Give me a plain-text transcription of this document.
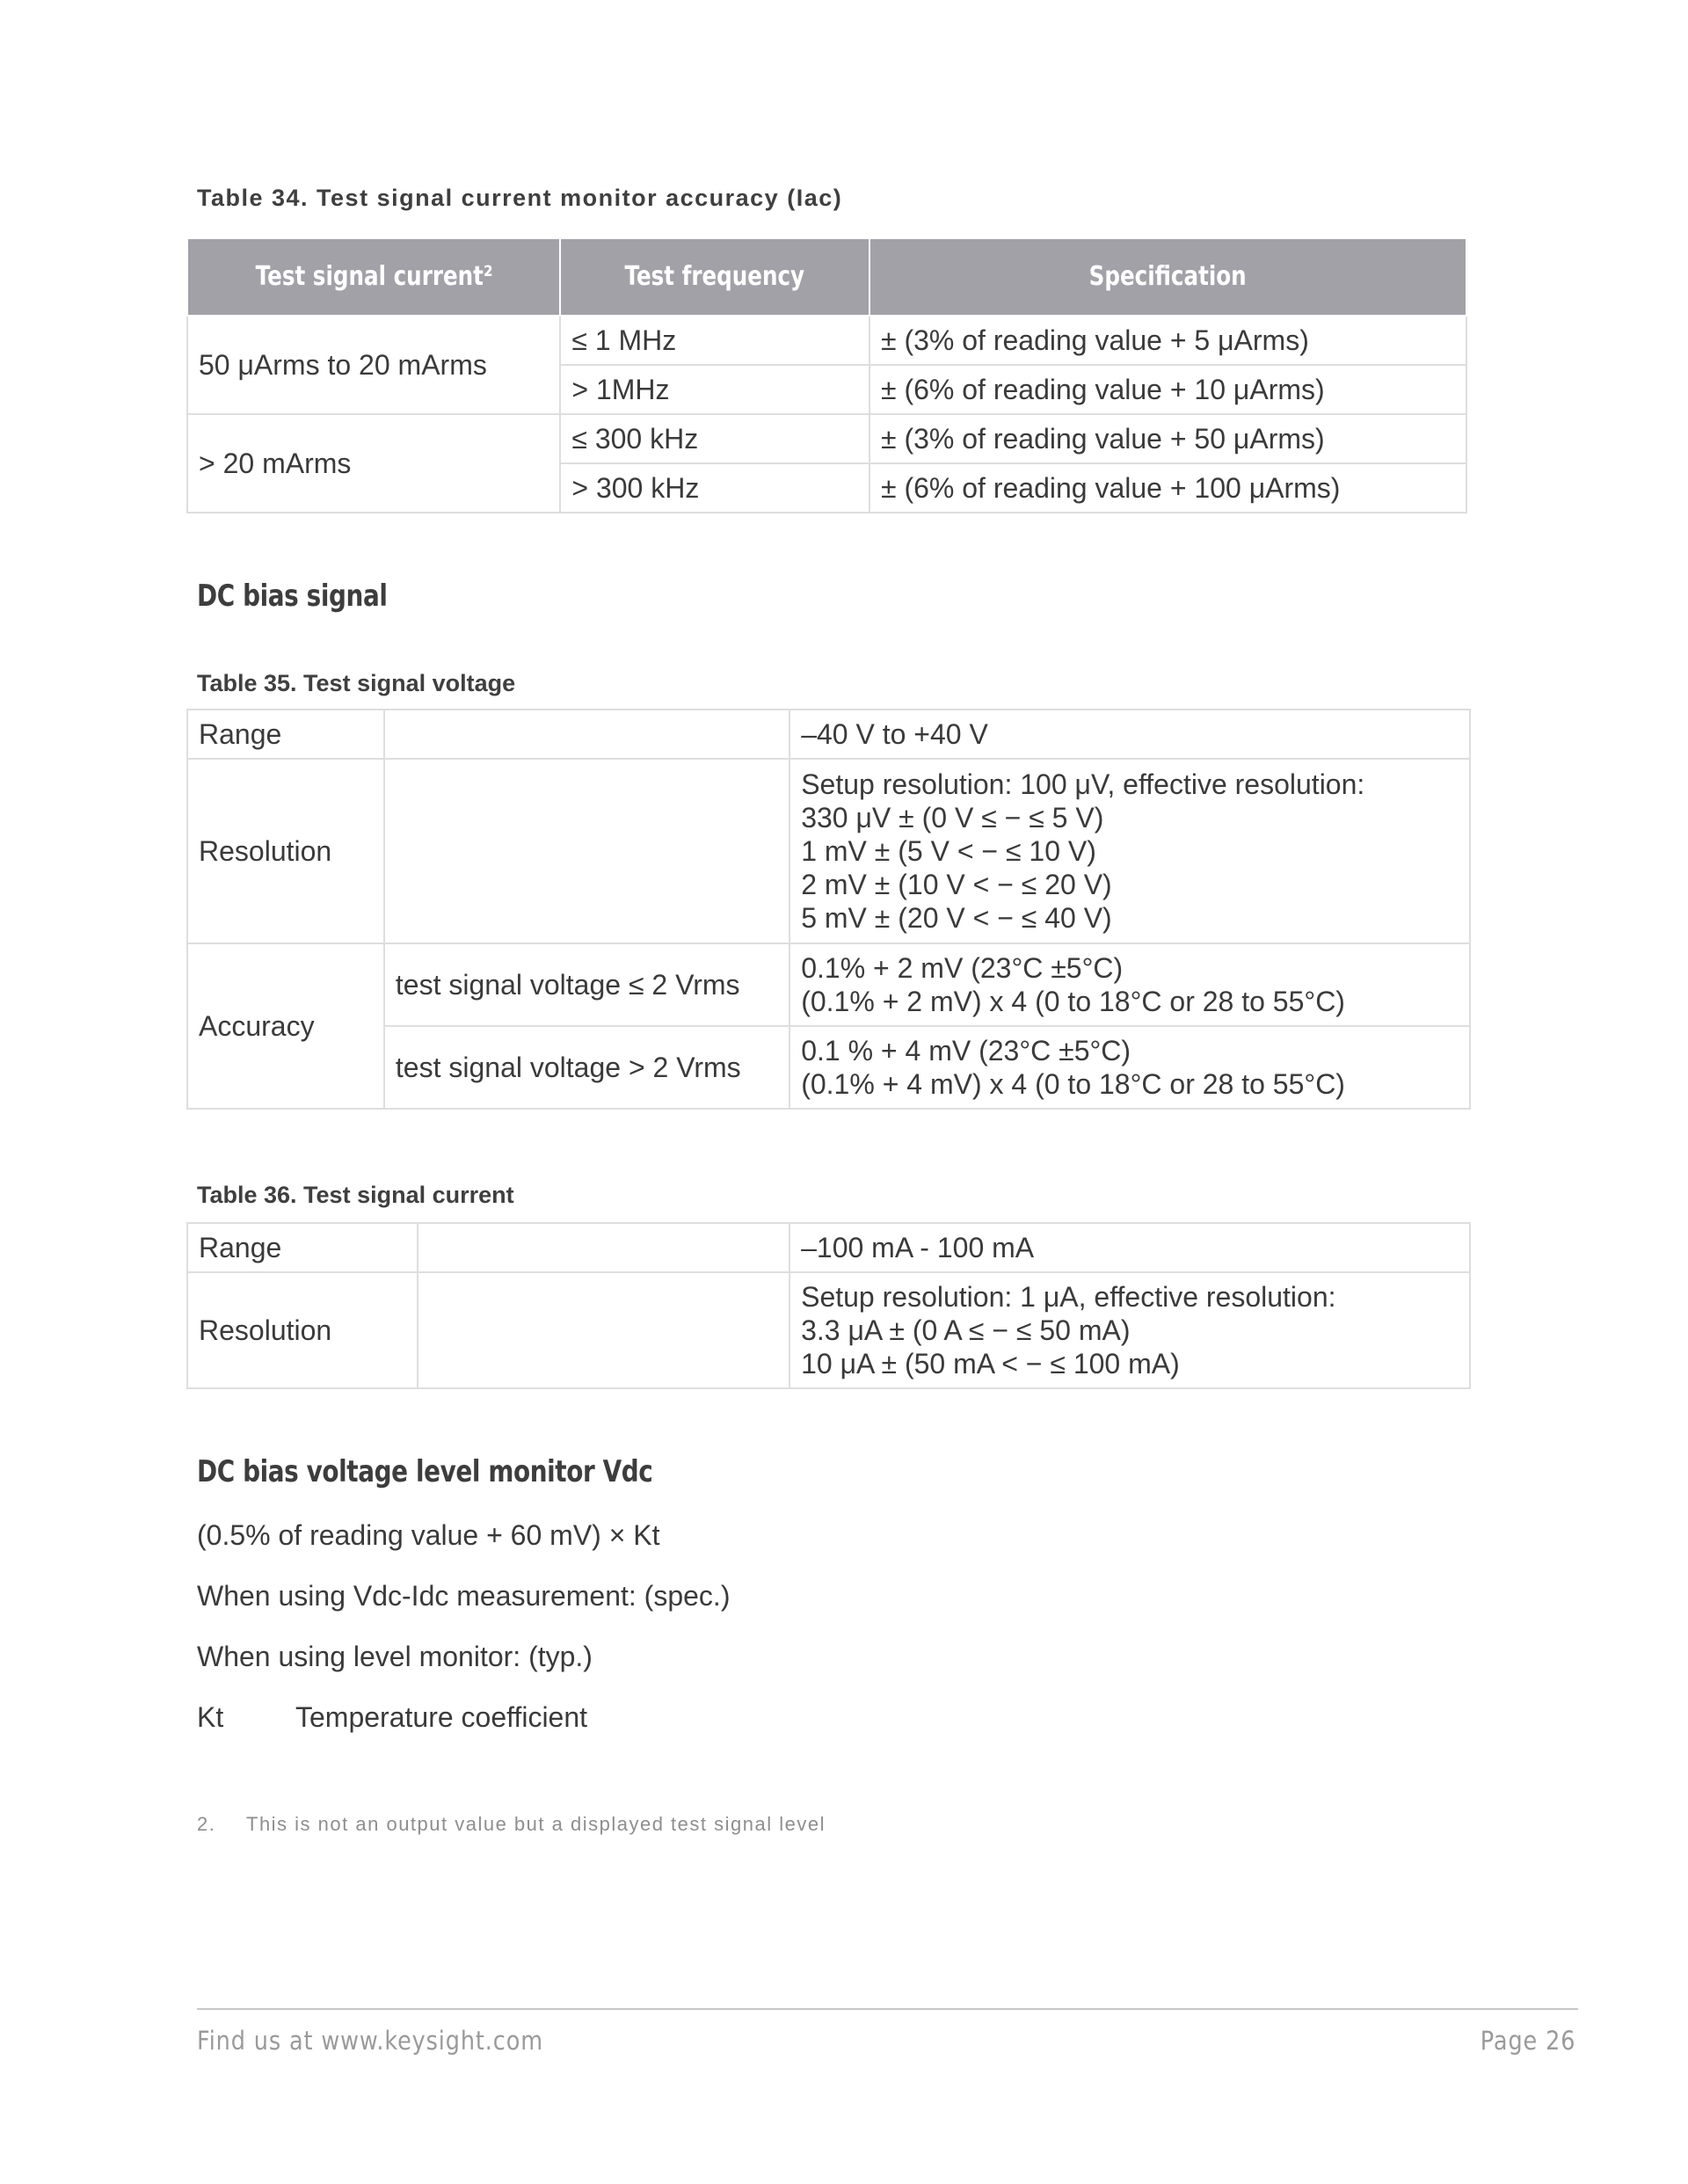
Table 34. Test signal current monitor accuracy (Iac)
Test signal current²	Test frequency	Specification
50 μArms to 20 mArms	≤ 1 MHz	± (3% of reading value + 5 μArms)
	> 1MHz	± (6% of reading value + 10 μArms)
> 20 mArms	≤ 300 kHz	± (3% of reading value + 50 μArms)
	> 300 kHz	± (6% of reading value + 100 μArms)
DC bias signal
Table 35. Test signal voltage
Range		–40 V to +40 V
Resolution		Setup resolution: 100 μV, effective resolution:
330 μV ± (0 V ≤ − ≤ 5 V)
1 mV ± (5 V < − ≤ 10 V)
2 mV ± (10 V < − ≤ 20 V)
5 mV ± (20 V < − ≤ 40 V)

Accuracy	test signal voltage ≤ 2 Vrms	0.1% + 2 mV (23°C ±5°C)
(0.1% + 2 mV) x 4 (0 to 18°C or 28 to 55°C)

	test signal voltage > 2 Vrms	0.1 % + 4 mV (23°C ±5°C)
(0.1% + 4 mV) x 4 (0 to 18°C or 28 to 55°C)
Table 36. Test signal current
Range		–100 mA - 100 mA
Resolution		Setup resolution: 1 μA, effective resolution:
3.3 μA ± (0 A ≤ − ≤ 50 mA)
10 μA ± (50 mA < − ≤ 100 mA)
DC bias voltage level monitor Vdc
(0.5% of reading value + 60 mV) × Kt
When using Vdc-Idc measurement: (spec.)
When using level monitor: (typ.)
Kt	Temperature coefficient
2. This is not an output value but a displayed test signal level
Find us at www.keysight.com	Page 26
